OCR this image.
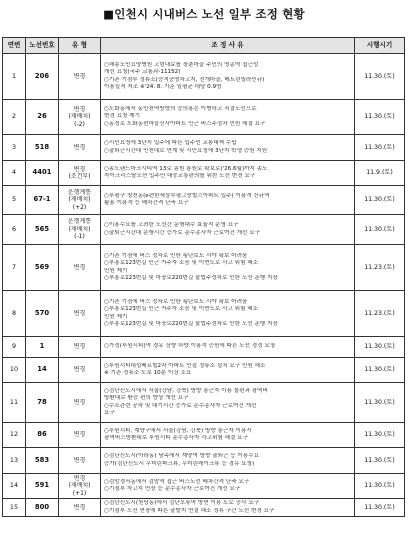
■인천시 시내버스 노선 일부 조정 현황
연번	노선번호	유 형	조 정 사 유	시행시기
1	206	변경	○해송노인요양병원 고령내료를 장춘마을 주민의 영종역 접근성
개선 요청(국주 교통과-11152)
○기존 기점부 정류소(승객공영차고지, 전개마을, 메트린빌라인규)
이용실적 저조 ※'24. 8. 기준 일평균 대당 0.9명	11.30.(토)
2	26	변경
(재배치)
(-2)	○도화동에서 동인천역방향의 승의용은 이병하고 직결노선으로
변경 요청 제기
○동정로 도화동편마을신사아파트 인근 버스주정차 민원 해결 요구	11.30.(토)
3	518	변경	○시민요청에 3단지 입주에 따른 입주민 교통대책 수립
○출퇴근시간대 인천대로 연계 및 시민요청에 3단지 학생 증원 지원	11.30.(토)
4	4401	변경
(조건부)	○송도랜드마크시티역 13로 송원 통원로 확보로('26.6월)까지 송도
자이크리스탈오션 입주민 대중교통편의를 위한 노선 변경 요구	11.9.(토)
5	67-1	운행계통
(재배치)
(+2)	○부평구 청천동(e편한세상부평그랑힐스아파트 입주) 이용객 신규역
활용 이용객 등 배차간격 단축 요구	11.30.(토)
6	565	운행계통
(재배치)
(-1)	○이용수요를 고려한 노선간 운행대수 효율적 운영 요구
○출퇴근시간대 운행시간 증가로 운수종사자 근로여건 개선 요구	11.30.(토)
7	569	변경	○기존 기점에 버스 정차로 인한 횡단보도 시야 확보 어려움
○부흥로123번길 인근 거주자 소음 및 이면도로 사고 위험 해소
민원 제기
○부흥로123번길 및 마장로220번길 불법주정차로 인한 노선 운행 지장	11.23.(토)
8	570	변경	○기존 기점에 버스 정차로 인한 횡단보도 시야 확보 어려움
○부흥로123번길 인근 거주자 소음 및 이면도로 사고 위험 해소
민원 제기
○부흥로123번길 및 마장로220번길 불법주정차로 인한 노선 운행 지장	11.23.(토)
9	1	변경	○가정(루원시티)역 경유 상향 하향 이용객 증원에 따른 노선 경정 요청	11.30.(토)
10	14	변경	○루원시티대성베르힐2차 아파트 인접 정류소 설치 요구 민원 해소
※ 기존 정류소 도보 10분 이상 소요	11.30.(토)
11	78	변경	○검단신도시에서 서울(강남, 강북) 방향 통근자 이용 불편과 광역버
방환대로 환승 편의 향상 개선 요구
○수소관련 공차 및 대기시간 증가로 운수종사자 근로여건 개선
요구	11.30.(토)
12	86	변경	○루원시티, 계양구에서 서울(강남, 강북) 방향 통근자 이용시
광역버스방환대로 루원시티 운수종사자 사고위험 해결 요구	11.30.(토)
13	583	변경	○검단신도시(아라동) 남측에서 계양역 방향 출퇴근 등 이용수요
증가(검단신도시 우미린파크뷰, 우미린레이크뷰 등 경유 요청)	11.30.(토)
14	591	변경
(재배치)
(+1)	○검암경서동에서 검암역 접근 버스노선 배차간격 단축 요구
○기점부 자고지 연장 등 운수종사자 근로여건 개선 요구	11.30.(토)
15	800	변경	○검단신도시(원당동)에서 검단오류역 방면 이용 도로 공사 요구
○기점부 노선 연장에 따른 출발지 연결 해소 정류 구간 노선 변경 요구	11.30.(토)
